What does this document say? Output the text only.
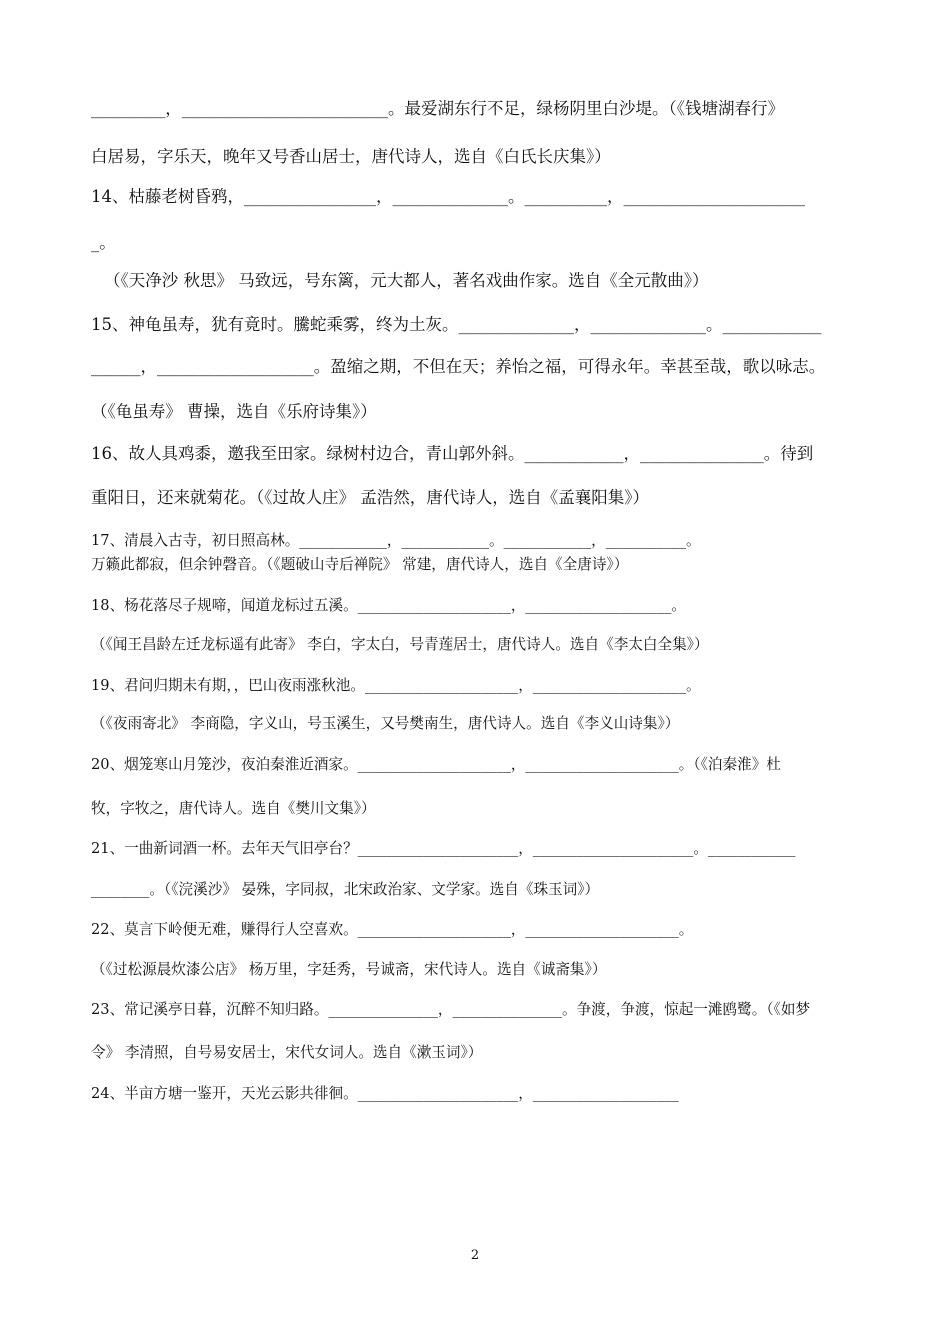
_________，_________________________。最爱湖东行不足，绿杨阴里白沙堤。（《钱塘湖春行》
白居易，字乐天，晚年又号香山居士，唐代诗人，选自《白氏长庆集》）
14、枯藤老树昏鸦，________________，______________。__________，______________________
_。
（《天净沙 秋思》 马致远，号东篱，元大都人，著名戏曲作家。选自《全元散曲》）
15、神龟虽寿，犹有竟时。騰蛇乘雾，终为土灰。______________，______________。____________
______，___________________。盈缩之期，不但在天；养怡之福，可得永年。幸甚至哉，歌以咏志。
（《龟虽寿》 曹操，选自《乐府诗集》）
16、故人具鸡黍，邀我至田家。绿树村边合，青山郭外斜。____________，_______________。待到
重阳日，还来就菊花。（《过故人庄》 孟浩然，唐代诗人，选自《孟襄阳集》）
17、清晨入古寺，初日照高林。____________，____________。____________，___________。
万籁此都寂，但余钟磬音。（《题破山寺后禅院》 常建，唐代诗人，选自《全唐诗》）
18、杨花落尽子规啼，闻道龙标过五溪。_____________________，____________________。
（《闻王昌龄左迁龙标遥有此寄》 李白，字太白，号青莲居士，唐代诗人。选自《李太白全集》）
19、君问归期未有期，，巴山夜雨涨秋池。_____________________，_____________________。
（《夜雨寄北》 李商隐，字义山，号玉溪生，又号樊南生，唐代诗人。选自《李义山诗集》）
20、烟笼寒山月笼沙，夜泊秦淮近酒家。_____________________，_____________________。（《泊秦淮》杜
牧，字牧之，唐代诗人。选自《樊川文集》）
21、一曲新词酒一杯。去年天气旧亭台？______________________，______________________。____________
________。（《浣溪沙》 晏殊，字同叔，北宋政治家、文学家。选自《珠玉词》）
22、莫言下岭便无难，赚得行人空喜欢。_____________________，_____________________。
（《过松源晨炊漆公店》 杨万里，字廷秀，号诚斋，宋代诗人。选自《诚斋集》）
23、常记溪亭日暮，沉醉不知归路。_______________，_______________。争渡，争渡，惊起一滩鸥鹭。（《如梦
令》 李清照，自号易安居士，宋代女词人。选自《漱玉词》）
24、半亩方塘一鉴开，天光云影共徘徊。______________________，____________________
2
